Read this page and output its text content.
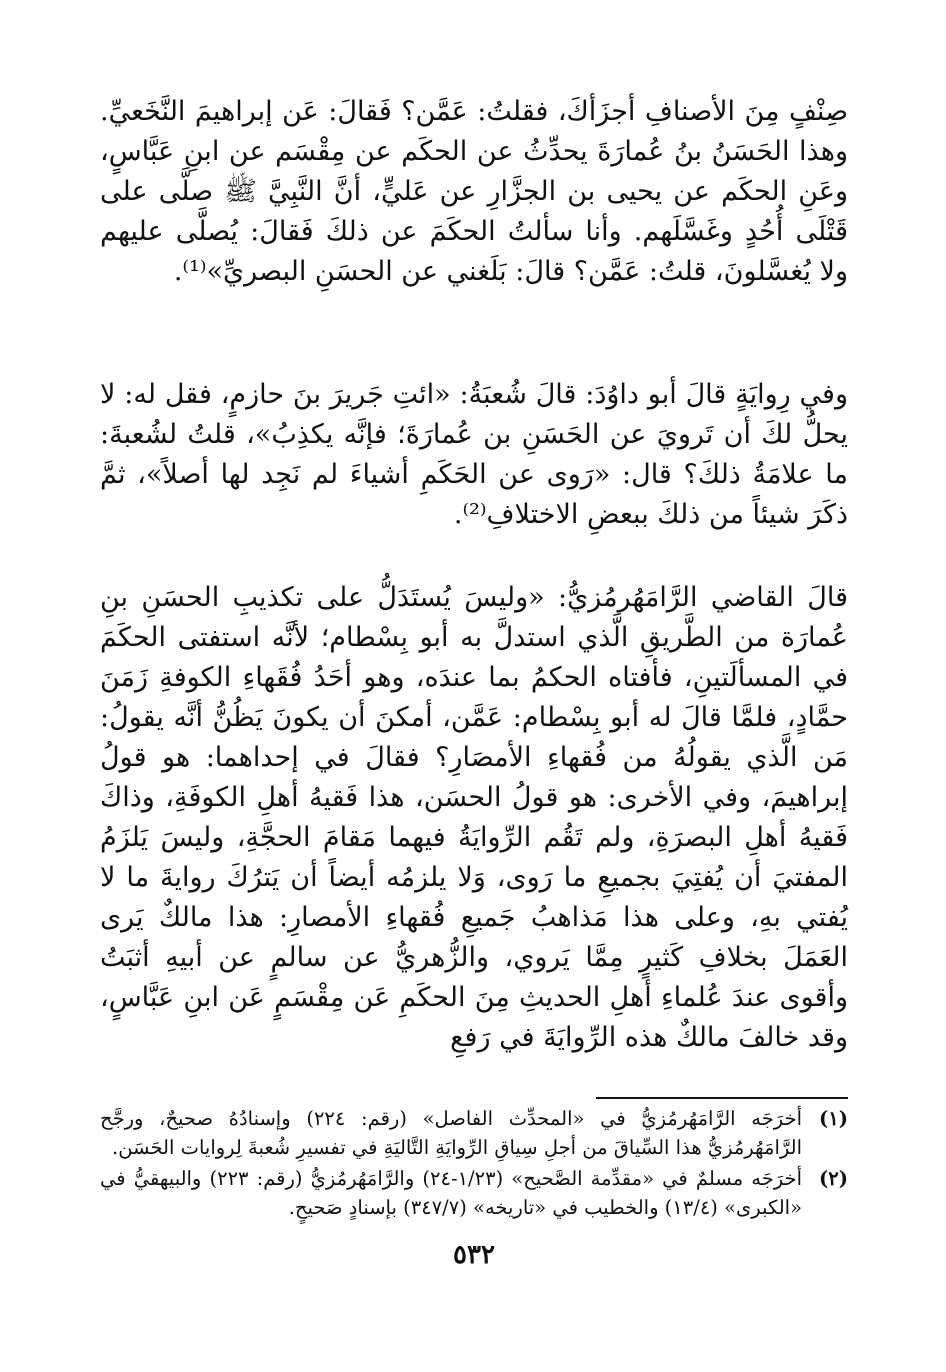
صِنْفٍ مِنَ الأصنافِ أجزَأكَ، فقلتُ: عَمَّن؟ فَقالَ: عَن إبراهيمَ النَّخَعيِّ. وهذا الحَسَنُ بنُ عُمارَةَ يحدِّثُ عن الحكَم عن مِقْسَم عن ابنِ عَبَّاسٍ، وعَنِ الحكَم عن يحيى بن الجزَّارِ عن عَليٍّ، أنَّ النَّبِيَّ ﷺ صلَّى على قَتْلَى أُحُدٍ وغَسَّلَهم. وأنا سألتُ الحكَمَ عن ذلكَ فَقالَ: يُصلَّى عليهم ولا يُغسَّلونَ، قلتُ: عَمَّن؟ قالَ: بَلَغني عن الحسَنِ البصريِّ»⁽¹⁾.

وفي رِوايَةٍ قالَ أبو داوُدَ: قالَ شُعبَةُ: «ائتِ جَريرَ بنَ حازمٍ، فقل له: لا يحلُّ لكَ أن تَرويَ عن الحَسَنِ بن عُمارَةَ؛ فإنَّه يكذِبُ»، قلتُ لشُعبةَ: ما علامَةُ ذلكَ؟ قال: «رَوى عن الحَكَمِ أشياءَ لم نَجِد لها أصلاً»، ثمَّ ذكَرَ شيئاً من ذلكَ ببعضِ الاختلافِ⁽²⁾.

قالَ القاضي الرَّامَهُرمُزيُّ: «وليسَ يُستَدَلُّ على تكذيبِ الحسَنِ بنِ عُمارَة من الطَّريقِ الَّذي استدلَّ به أبو بِسْطام؛ لأنَّه استفتى الحكَمَ في المسألَتينِ، فأفتاه الحكمُ بما عندَه، وهو أحَدُ فُقَهاءِ الكوفةِ زَمَنَ حمَّادٍ، فلمَّا قالَ له أبو بِسْطام: عَمَّن، أمكنَ أن يكونَ يَظُنُّ أنَّه يقولُ: مَن الَّذي يقولُهُ من فُقهاءِ الأمصَارِ؟ فقالَ في إحداهما: هو قولُ إبراهيمَ، وفي الأخرى: هو قولُ الحسَن، هذا فَقيهُ أهلِ الكوفَةِ، وذاكَ فَقيهُ أهلِ البصرَةِ، ولم تَقُم الرِّوايَةُ فيهما مَقامَ الحجَّةِ، وليسَ يَلزَمُ المفتيَ أن يُفتِيَ بجميعِ ما رَوى، وَلا يلزمُه أيضاً أن يَترُكَ روايةَ ما لا يُفتي بهِ، وعلى هذا مَذاهبُ جَميعِ فُقهاءِ الأمصارِ: هذا مالكٌ يَرى العَمَلَ بخلافِ كَثيرٍ مِمَّا يَروي، والزُّهريُّ عن سالمٍ عن أبيهِ أثبَتُ وأقوى عندَ عُلماءِ أهلِ الحديثِ مِنَ الحكَمِ عَن مِقْسَمٍ عَن ابنِ عَبَّاسٍ، وقد خالفَ مالكٌ هذه الرِّوايَةَ في رَفعِ

(١)
أخرَجَه الرَّامَهُرمُزيُّ في «المحدِّث الفاصل» (رقم: ٢٢٤) وإسنادُهُ صحيحٌ، ورجَّح الرَّامَهُرمُزيُّ هذا السِّياقَ من أجلِ سِياقِ الرِّوايَةِ التَّاليَةِ في تفسيرِ شُعبةَ لِروايات الحَسَن.
(٢)
أخرَجَه مسلمٌ في «مقدِّمة الصَّحيح» (١/٢٣-٢٤) والرَّامَهُرمُزيُّ (رقم: ٢٢٣) والبيهقيُّ في «الكبرى» (١٣/٤) والخطيب في «تاريخه» (٣٤٧/٧) بإسنادٍ صَحيحٍ.
٥٣٢
